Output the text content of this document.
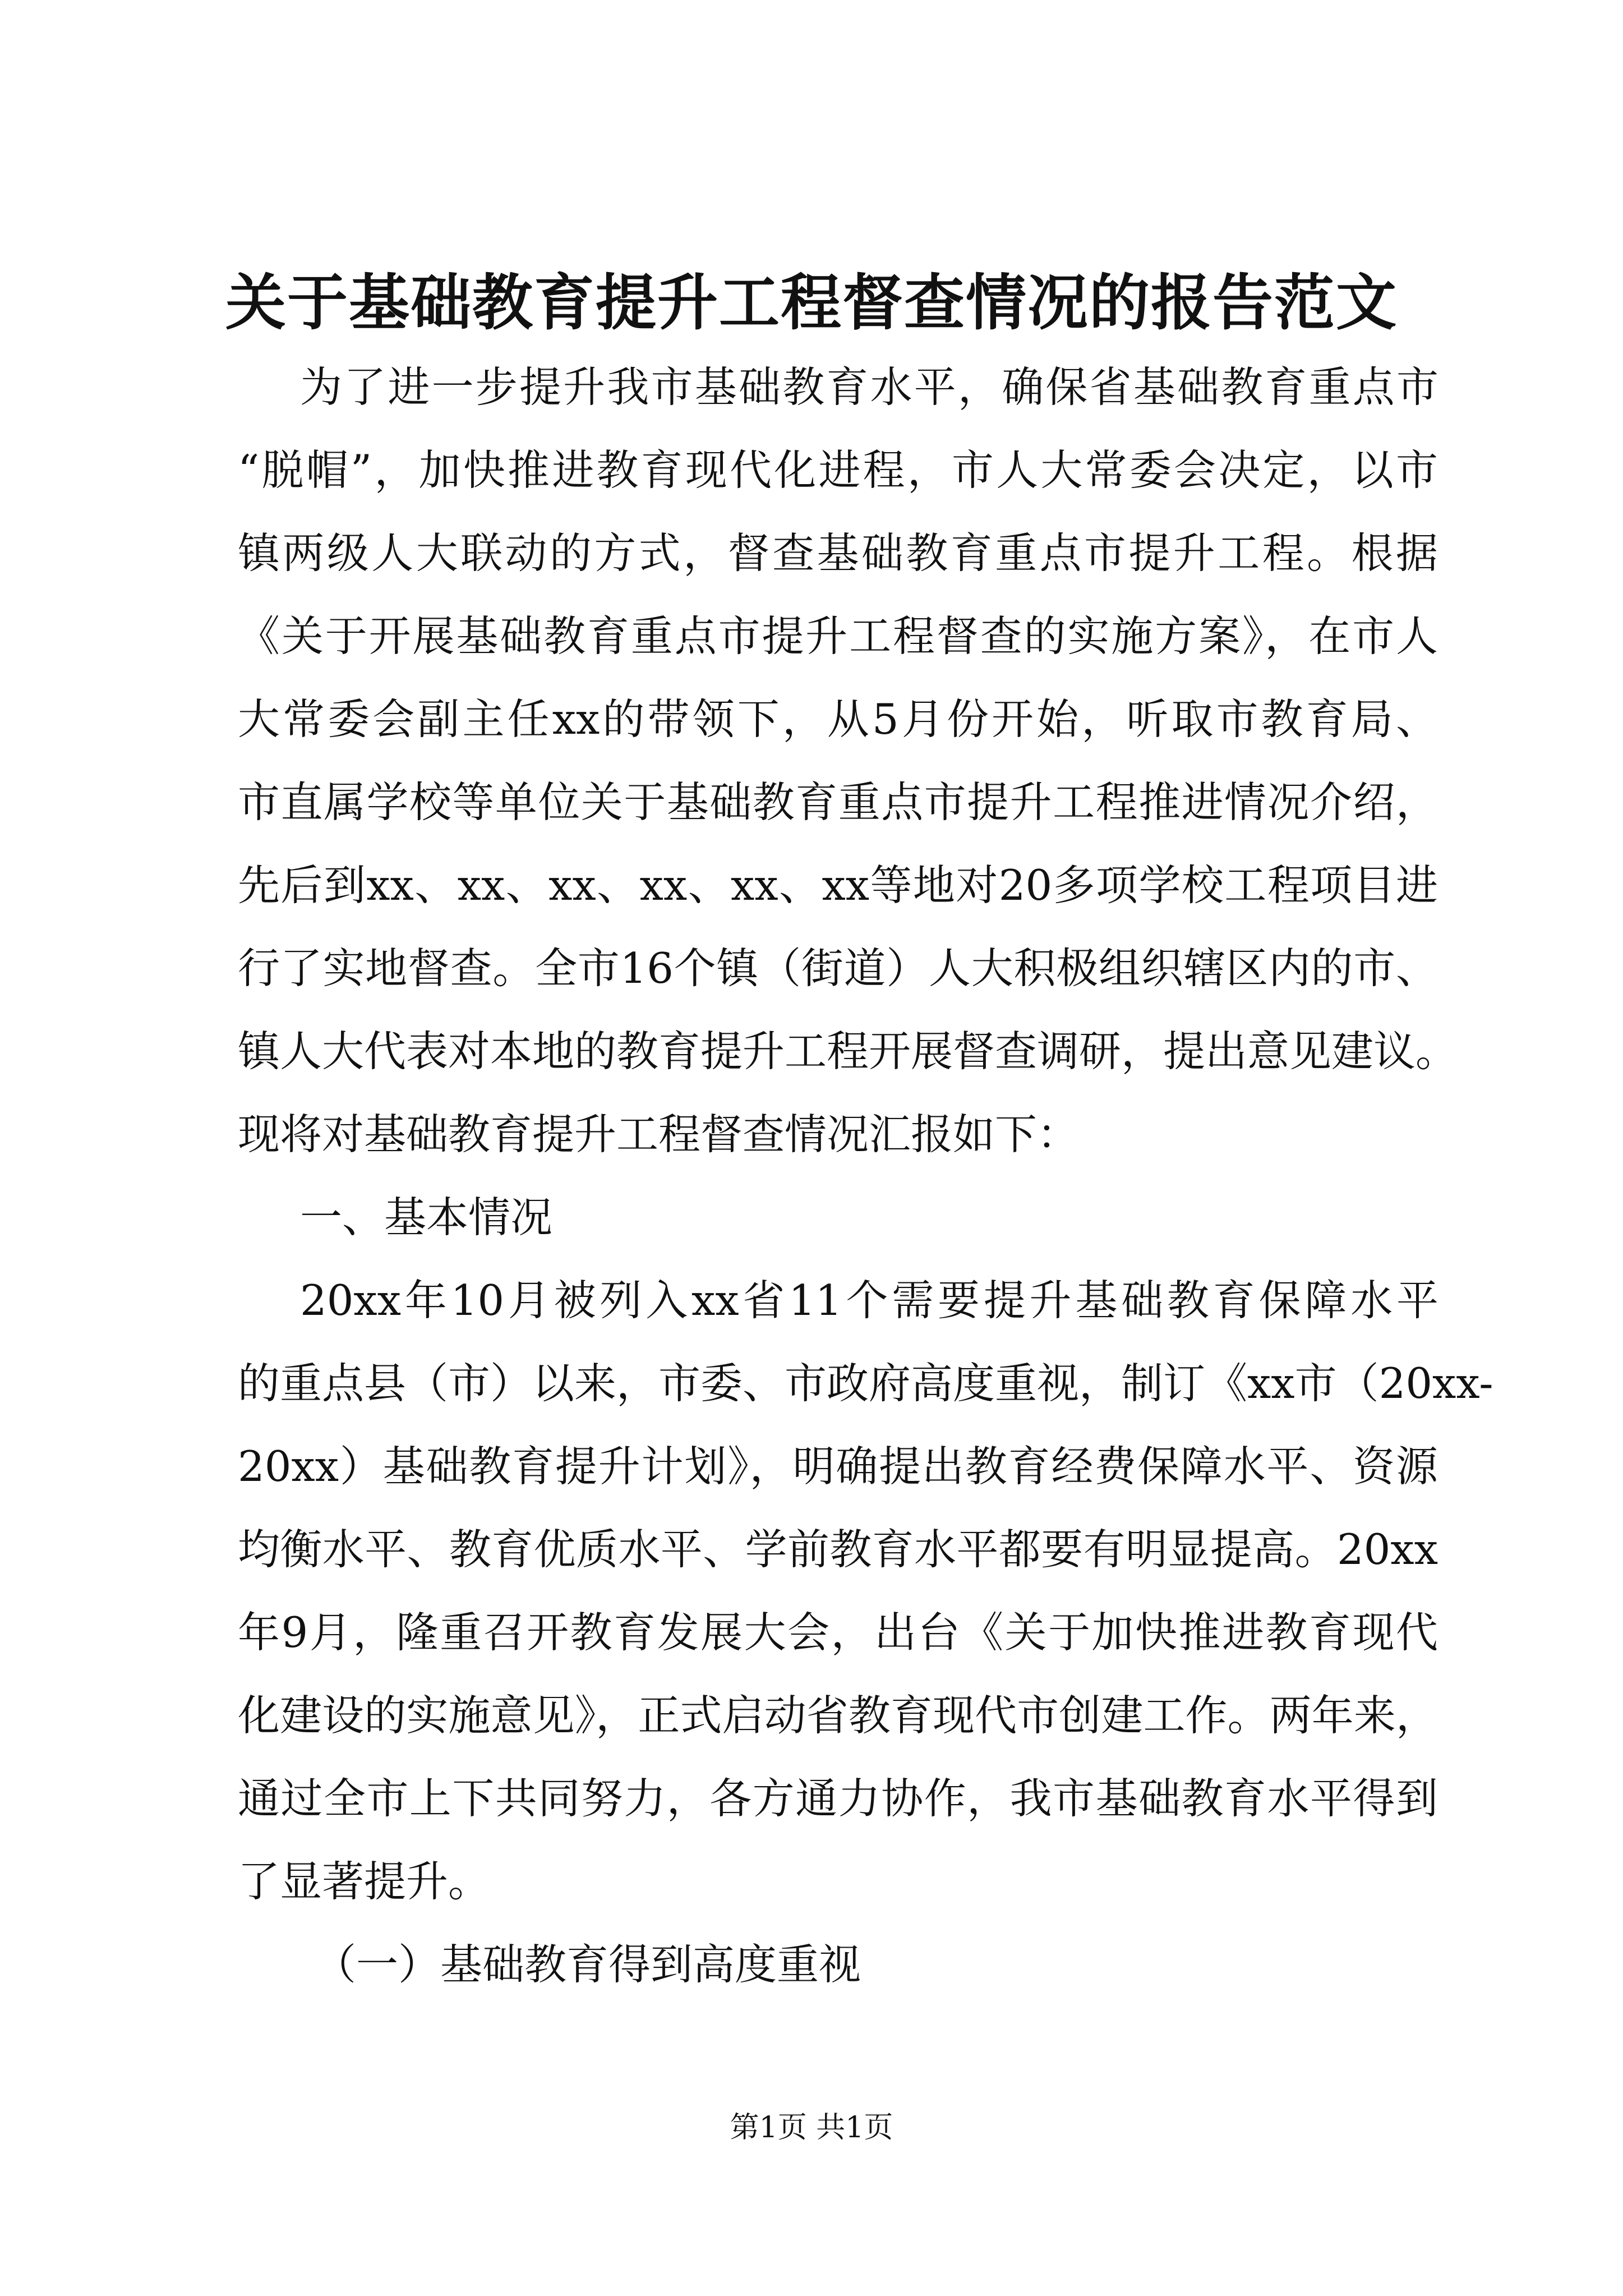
关于基础教育提升工程督查情况的报告范文
第1页 共1页

为了进一步提升我市基础教育水平，确保省基础教育重点市

“脱帽”，加快推进教育现代化进程，市人大常委会决定，以市

镇两级人大联动的方式，督查基础教育重点市提升工程。根据

《关于开展基础教育重点市提升工程督查的实施方案》，在市人

大常委会副主任xx的带领下，从5月份开始，听取市教育局、

市直属学校等单位关于基础教育重点市提升工程推进情况介绍，

先后到xx、xx、xx、xx、xx、xx等地对20多项学校工程项目进

行了实地督查。全市16个镇（街道）人大积极组织辖区内的市、

镇人大代表对本地的教育提升工程开展督查调研，提出意见建议。

现将对基础教育提升工程督查情况汇报如下：

一、基本情况

20xx年10月被列入xx省11个需要提升基础教育保障水平

的重点县（市）以来，市委、市政府高度重视，制订《xx市（20xx-

20xx）基础教育提升计划》，明确提出教育经费保障水平、资源

均衡水平、教育优质水平、学前教育水平都要有明显提高。20xx

年9月，隆重召开教育发展大会，出台《关于加快推进教育现代

化建设的实施意见》，正式启动省教育现代市创建工作。两年来，

通过全市上下共同努力，各方通力协作，我市基础教育水平得到

了显著提升。

（一）基础教育得到高度重视
